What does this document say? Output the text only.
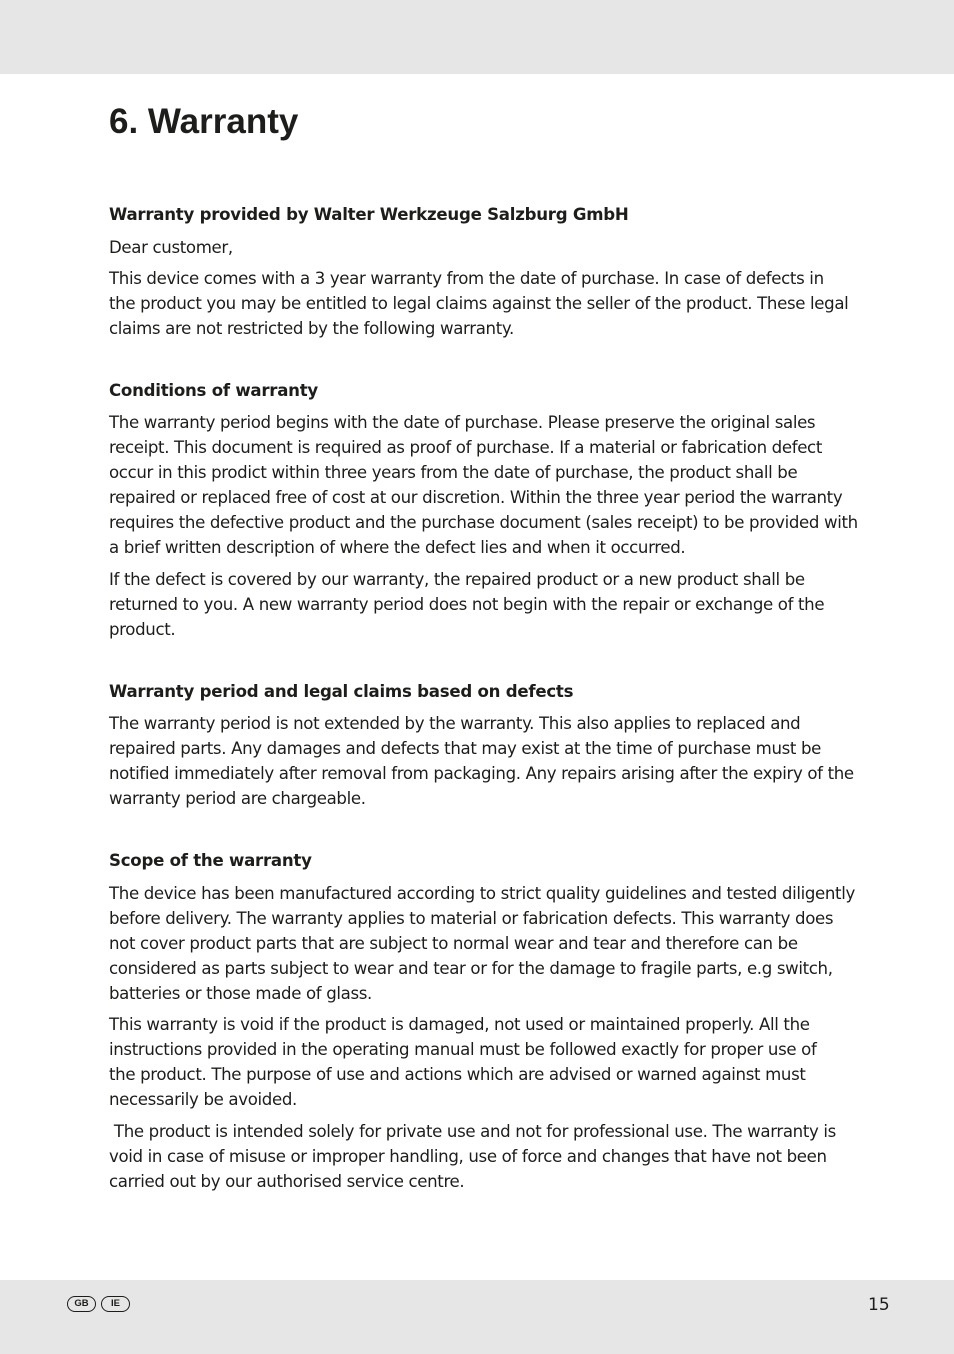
6. Warranty
Warranty provided by Walter Werkzeuge Salzburg GmbH
Dear customer,
This device comes with a 3 year warranty from the date of purchase. In case of defects in
the product you may be entitled to legal claims against the seller of the product. These legal
claims are not restricted by the following warranty.
Conditions of warranty
The warranty period begins with the date of purchase. Please preserve the original sales
receipt. This document is required as proof of purchase. If a material or fabrication defect
occur in this prodict within three years from the date of purchase, the product shall be
repaired or replaced free of cost at our discretion. Within the three year period the warranty
requires the defective product and the purchase document (sales receipt) to be provided with
a brief written description of where the defect lies and when it occurred.
If the defect is covered by our warranty, the repaired product or a new product shall be
returned to you. A new warranty period does not begin with the repair or exchange of the
product.
Warranty period and legal claims based on defects
The warranty period is not extended by the warranty. This also applies to replaced and
repaired parts. Any damages and defects that may exist at the time of purchase must be
notified immediately after removal from packaging. Any repairs arising after the expiry of the
warranty period are chargeable.
Scope of the warranty
The device has been manufactured according to strict quality guidelines and tested diligently
before delivery. The warranty applies to material or fabrication defects. This warranty does
not cover product parts that are subject to normal wear and tear and therefore can be
considered as parts subject to wear and tear or for the damage to fragile parts, e.g switch,
batteries or those made of glass.
This warranty is void if the product is damaged, not used or maintained properly. All the
instructions provided in the operating manual must be followed exactly for proper use of
the product. The purpose of use and actions which are advised or warned against must
necessarily be avoided.
The product is intended solely for private use and not for professional use. The warranty is
void in case of misuse or improper handling, use of force and changes that have not been
carried out by our authorised service centre.
GB	IE	15
